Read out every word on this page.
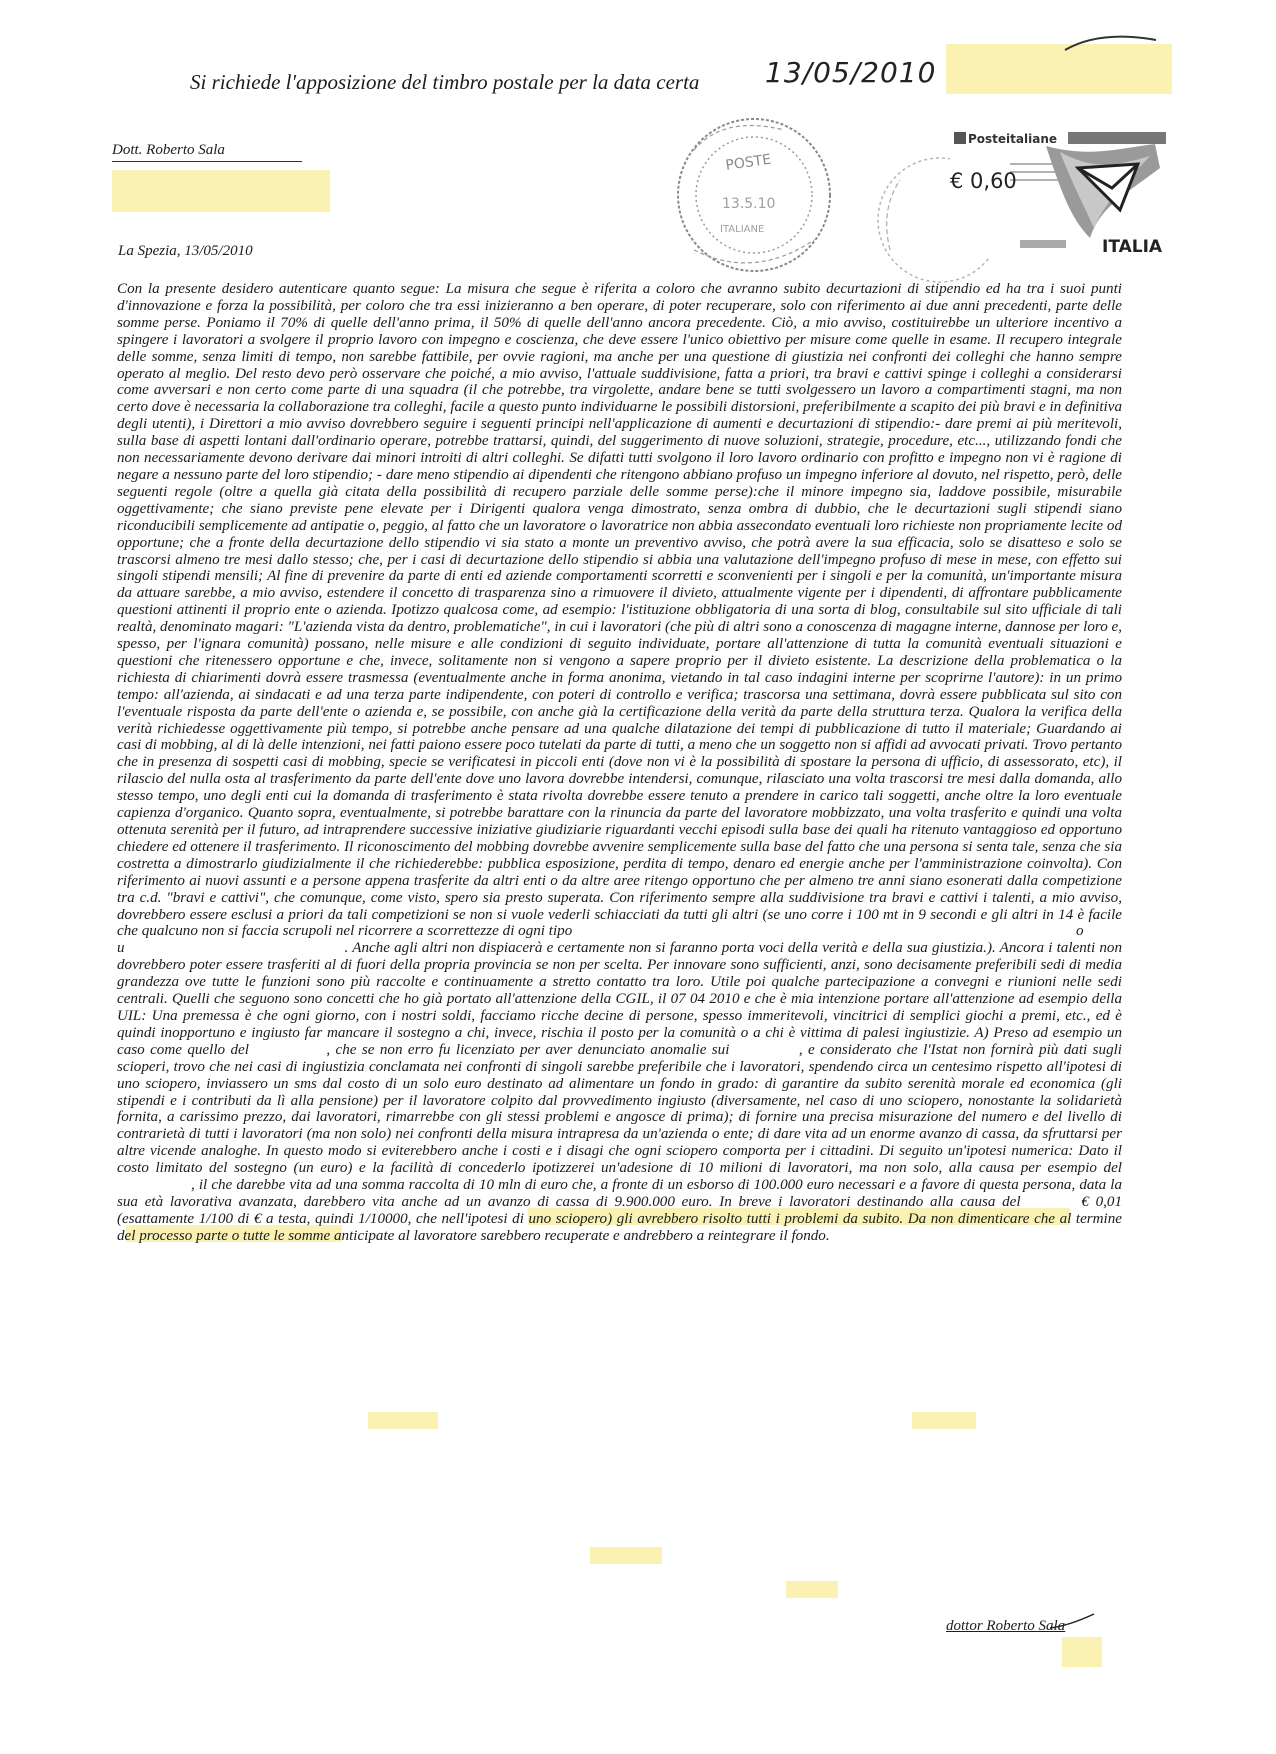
Si richiede l'apposizione del timbro postale per la data certa 13/05/2010
Dott. Roberto Sala
POSTE
13.5.10
ITALIANE
Posteitaliane
€ 0,60
ITALIA
La Spezia, 13/05/2010
Con la presente desidero autenticare quanto segue: La misura che segue è riferita a coloro che avranno subito decurtazioni di stipendio ed ha tra i suoi punti d'innovazione e forza la possibilità, per coloro che tra essi inizieranno a ben operare, di poter recuperare, solo con riferimento ai due anni precedenti, parte delle somme perse. Poniamo il 70% di quelle dell'anno prima, il 50% di quelle dell'anno ancora precedente. Ciò, a mio avviso, costituirebbe un ulteriore incentivo a spingere i lavoratori a svolgere il proprio lavoro con impegno e coscienza, che deve essere l'unico obiettivo per misure come quelle in esame. Il recupero integrale delle somme, senza limiti di tempo, non sarebbe fattibile, per ovvie ragioni, ma anche per una questione di giustizia nei confronti dei colleghi che hanno sempre operato al meglio. Del resto devo però osservare che poiché, a mio avviso, l'attuale suddivisione, fatta a priori, tra bravi e cattivi spinge i colleghi a considerarsi come avversari e non certo come parte di una squadra (il che potrebbe, tra virgolette, andare bene se tutti svolgessero un lavoro a compartimenti stagni, ma non certo dove è necessaria la collaborazione tra colleghi, facile a questo punto individuarne le possibili distorsioni, preferibilmente a scapito dei più bravi e in definitiva degli utenti), i Direttori a mio avviso dovrebbero seguire i seguenti principi nell'applicazione di aumenti e decurtazioni di stipendio:- dare premi ai più meritevoli, sulla base di aspetti lontani dall'ordinario operare, potrebbe trattarsi, quindi, del suggerimento di nuove soluzioni, strategie, procedure, etc..., utilizzando fondi che non necessariamente devono derivare dai minori introiti di altri colleghi. Se difatti tutti svolgono il loro lavoro ordinario con profitto e impegno non vi è ragione di negare a nessuno parte del loro stipendio; - dare meno stipendio ai dipendenti che ritengono abbiano profuso un impegno inferiore al dovuto, nel rispetto, però, delle seguenti regole (oltre a quella già citata della possibilità di recupero parziale delle somme perse):che il minore impegno sia, laddove possibile, misurabile oggettivamente; che siano previste pene elevate per i Dirigenti qualora venga dimostrato, senza ombra di dubbio, che le decurtazioni sugli stipendi siano riconducibili semplicemente ad antipatie o, peggio, al fatto che un lavoratore o lavoratrice non abbia assecondato eventuali loro richieste non propriamente lecite od opportune; che a fronte della decurtazione dello stipendio vi sia stato a monte un preventivo avviso, che potrà avere la sua efficacia, solo se disatteso e solo se trascorsi almeno tre mesi dallo stesso; che, per i casi di decurtazione dello stipendio si abbia una valutazione dell'impegno profuso di mese in mese, con effetto sui singoli stipendi mensili; Al fine di prevenire da parte di enti ed aziende comportamenti scorretti e sconvenienti per i singoli e per la comunità, un'importante misura da attuare sarebbe, a mio avviso, estendere il concetto di trasparenza sino a rimuovere il divieto, attualmente vigente per i dipendenti, di affrontare pubblicamente questioni attinenti il proprio ente o azienda. Ipotizzo qualcosa come, ad esempio: l'istituzione obbligatoria di una sorta di blog, consultabile sul sito ufficiale di tali realtà, denominato magari: "L'azienda vista da dentro, problematiche", in cui i lavoratori (che più di altri sono a conoscenza di magagne interne, dannose per loro e, spesso, per l'ignara comunità) possano, nelle misure e alle condizioni di seguito individuate, portare all'attenzione di tutta la comunità eventuali situazioni e questioni che ritenessero opportune e che, invece, solitamente non si vengono a sapere proprio per il divieto esistente. La descrizione della problematica o la richiesta di chiarimenti dovrà essere trasmessa (eventualmente anche in forma anonima, vietando in tal caso indagini interne per scoprirne l'autore): in un primo tempo: all'azienda, ai sindacati e ad una terza parte indipendente, con poteri di controllo e verifica; trascorsa una settimana, dovrà essere pubblicata sul sito con l'eventuale risposta da parte dell'ente o azienda e, se possibile, con anche già la certificazione della verità da parte della struttura terza. Qualora la verifica della verità richiedesse oggettivamente più tempo, si potrebbe anche pensare ad una qualche dilatazione dei tempi di pubblicazione di tutto il materiale; Guardando ai casi di mobbing, al di là delle intenzioni, nei fatti paiono essere poco tutelati da parte di tutti, a meno che un soggetto non si affidi ad avvocati privati. Trovo pertanto che in presenza di sospetti casi di mobbing, specie se verificatesi in piccoli enti (dove non vi è la possibilità di spostare la persona di ufficio, di assessorato, etc), il rilascio del nulla osta al trasferimento da parte dell'ente dove uno lavora dovrebbe intendersi, comunque, rilasciato una volta trascorsi tre mesi dalla domanda, allo stesso tempo, uno degli enti cui la domanda di trasferimento è stata rivolta dovrebbe essere tenuto a prendere in carico tali soggetti, anche oltre la loro eventuale capienza d'organico. Quanto sopra, eventualmente, si potrebbe barattare con la rinuncia da parte del lavoratore mobbizzato, una volta trasferito e quindi una volta ottenuta serenità per il futuro, ad intraprendere successive iniziative giudiziarie riguardanti vecchi episodi sulla base dei quali ha ritenuto vantaggioso ed opportuno chiedere ed ottenere il trasferimento. Il riconoscimento del mobbing dovrebbe avvenire semplicemente sulla base del fatto che una persona si senta tale, senza che sia costretta a dimostrarlo giudizialmente il che richiederebbe: pubblica esposizione, perdita di tempo, denaro ed energie anche per l'amministrazione coinvolta). Con riferimento ai nuovi assunti e a persone appena trasferite da altri enti o da altre aree ritengo opportuno che per almeno tre anni siano esonerati dalla competizione tra c.d. "bravi e cattivi", che comunque, come visto, spero sia presto superata. Con riferimento sempre alla suddivisione tra bravi e cattivi i talenti, a mio avviso, dovrebbero essere esclusi a priori da tali competizioni se non si vuole vederli schiacciati da tutti gli altri (se uno corre i 100 mt in 9 secondi e gli altri in 14 è facile che qualcuno non si faccia scrupoli nel ricorrere a scorrettezze di ogni tipo	o
u	. Anche agli altri non dispiacerà e certamente non si faranno porta voci della verità e della sua giustizia.). Ancora i talenti non dovrebbero poter essere trasferiti al di fuori della propria provincia se non per scelta. Per innovare sono sufficienti, anzi, sono decisamente preferibili sedi di media grandezza ove tutte le funzioni sono più raccolte e continuamente a stretto contatto tra loro. Utile poi qualche partecipazione a convegni e riunioni nelle sedi centrali. Quelli che seguono sono concetti che ho già portato all'attenzione della CGIL, il 07 04 2010 e che è mia intenzione portare all'attenzione ad esempio della UIL: Una premessa è che ogni giorno, con i nostri soldi, facciamo ricche decine di persone, spesso immeritevoli, vincitrici di semplici giochi a premi, etc., ed è quindi inopportuno e ingiusto far mancare il sostegno a chi, invece, rischia il posto per la comunità o a chi è vittima di palesi ingiustizie. A) Preso ad esempio un caso come quello del	, che se non erro fu licenziato per aver denunciato anomalie sui	, e considerato che l'Istat non fornirà più dati sugli scioperi, trovo che nei casi di ingiustizia conclamata nei confronti di singoli sarebbe preferibile che i lavoratori, spendendo circa un centesimo rispetto all'ipotesi di uno sciopero, inviassero un sms dal costo di un solo euro destinato ad alimentare un fondo in grado: di garantire da subito serenità morale ed economica (gli stipendi e i contributi da lì alla pensione) per il lavoratore colpito dal provvedimento ingiusto (diversamente, nel caso di uno sciopero, nonostante la solidarietà fornita, a carissimo prezzo, dai lavoratori, rimarrebbe con gli stessi problemi e angosce di prima); di fornire una precisa misurazione del numero e del livello di contrarietà di tutti i lavoratori (ma non solo) nei confronti della misura intrapresa da un'azienda o ente; di dare vita ad un enorme avanzo di cassa, da sfruttarsi per altre vicende analoghe. In questo modo si eviterebbero anche i costi e i disagi che ogni sciopero comporta per i cittadini. Di seguito un'ipotesi numerica: Dato il costo limitato del sostegno (un euro) e la facilità di concederlo ipotizzerei un'adesione di 10 milioni di lavoratori, ma non solo, alla causa per esempio del , il che darebbe vita ad una somma raccolta di 10 mln di euro che, a fronte di un esborso di 100.000 euro necessari e a favore di questa persona, data la sua età lavorativa avanzata, darebbero vita anche ad un avanzo di cassa di 9.900.000 euro. In breve i lavoratori destinando alla causa del	€ 0,01 (esattamente 1/100 di € a testa, quindi 1/10000, che nell'ipotesi di uno sciopero) gli avrebbero risolto tutti i problemi da subito. Da non dimenticare che al termine del processo parte o tutte le somme anticipate al lavoratore sarebbero recuperate e andrebbero a reintegrare il fondo.
dottor Roberto Sala
